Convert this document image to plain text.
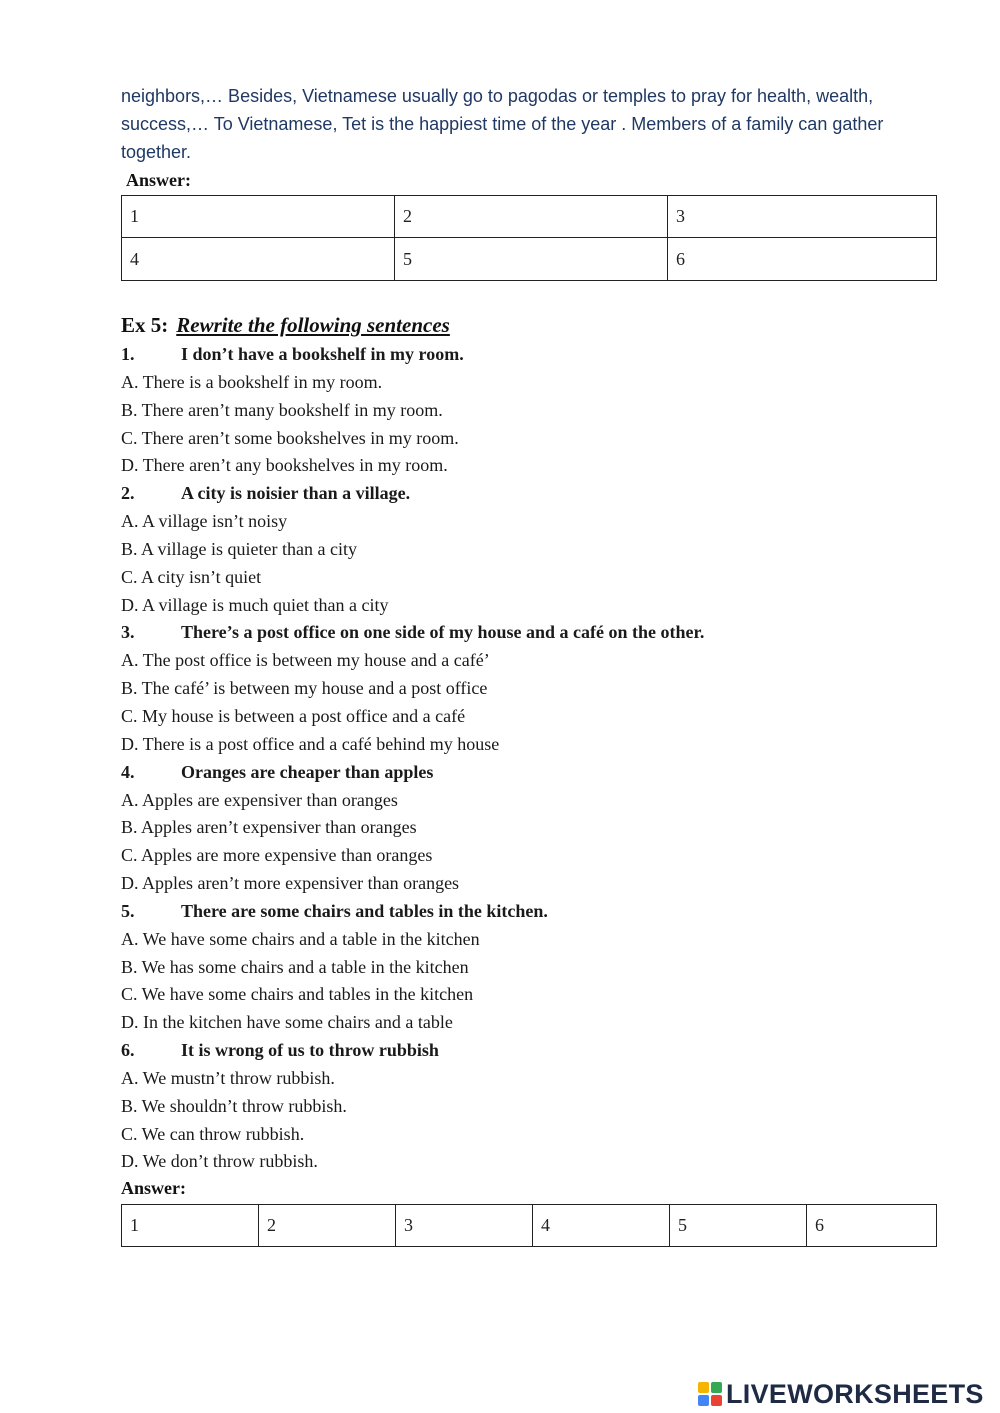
neighbors,… Besides, Vietnamese usually go to pagodas or temples to pray for health, wealth, success,… To Vietnamese, Tet is the happiest time of the year . Members of a family can gather together.
Answer:
1	2	3
4	5	6
Ex 5: Rewrite the following sentences
1.	I don’t have a bookshelf in my room.
A. There is a bookshelf in my room.
B. There aren’t many bookshelf in my room.
C. There aren’t some bookshelves in my room.
D. There aren’t any bookshelves in my room.
2.	A city is noisier than a village.
A. A village isn’t noisy
B. A village is quieter than a city
C. A city isn’t quiet
D. A village is much quiet than a city
3.	There’s a post office on one side of my house and a café on the other.
A. The post office is between my house and a café’
B. The café’ is between my house and a post office
C. My house is between a post office and a café
D. There is a post office and a café behind my house
4.	Oranges are cheaper than apples
A. Apples are expensiver than oranges
B. Apples aren’t expensiver than oranges
C. Apples are more expensive than oranges
D. Apples aren’t more expensiver than oranges
5.	There are some chairs and tables in the kitchen.
A. We have some chairs and a table in the kitchen
B. We has some chairs and a table in the kitchen
C. We have some chairs and tables in the kitchen
D. In the kitchen have some chairs and a table
6.	It is wrong of us to throw rubbish
A. We mustn’t throw rubbish.
B. We shouldn’t throw rubbish.
C. We can throw rubbish.
D. We don’t throw rubbish.
Answer:
1	2	3	4	5	6
LIVEWORKSHEETS
